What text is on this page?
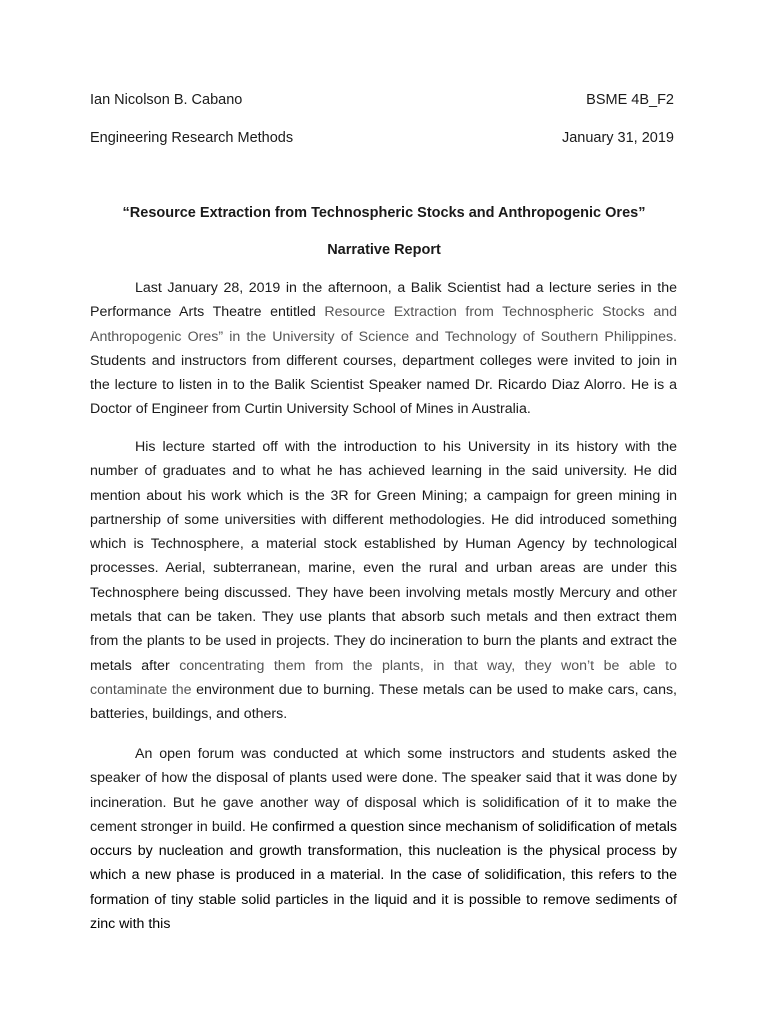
Ian Nicolson B. Cabano	BSME 4B_F2
Engineering Research Methods	January 31, 2019
“Resource Extraction from Technospheric Stocks and Anthropogenic Ores”
Narrative Report

Last January 28, 2019 in the afternoon, a Balik Scientist had a lecture series in the Performance Arts Theatre entitled Resource Extraction from Technospheric Stocks and Anthropogenic Ores” in the University of Science and Technology of Southern Philippines. Students and instructors from different courses, department colleges were invited to join in the lecture to listen in to the Balik Scientist Speaker named Dr. Ricardo Diaz Alorro. He is a Doctor of Engineer from Curtin University School of Mines in Australia.

His lecture started off with the introduction to his University in its history with the number of graduates and to what he has achieved learning in the said university. He did mention about his work which is the 3R for Green Mining; a campaign for green mining in partnership of some universities with different methodologies. He did introduced something which is Technosphere, a material stock established by Human Agency by technological processes. Aerial, subterranean, marine, even the rural and urban areas are under this Technosphere being discussed. They have been involving metals mostly Mercury and other metals that can be taken. They use plants that absorb such metals and then extract them from the plants to be used in projects. They do incineration to burn the plants and extract the metals after concentrating them from the plants, in that way, they won’t be able to contaminate the environment due to burning. These metals can be used to make cars, cans, batteries, buildings, and others.

An open forum was conducted at which some instructors and students asked the speaker of how the disposal of plants used were done. The speaker said that it was done by incineration. But he gave another way of disposal which is solidification of it to make the cement stronger in build. He confirmed a question since mechanism of solidification of metals occurs by nucleation and growth transformation, this nucleation is the physical process by which a new phase is produced in a material. In the case of solidification, this refers to the formation of tiny stable solid particles in the liquid and it is possible to remove sediments of zinc with this
